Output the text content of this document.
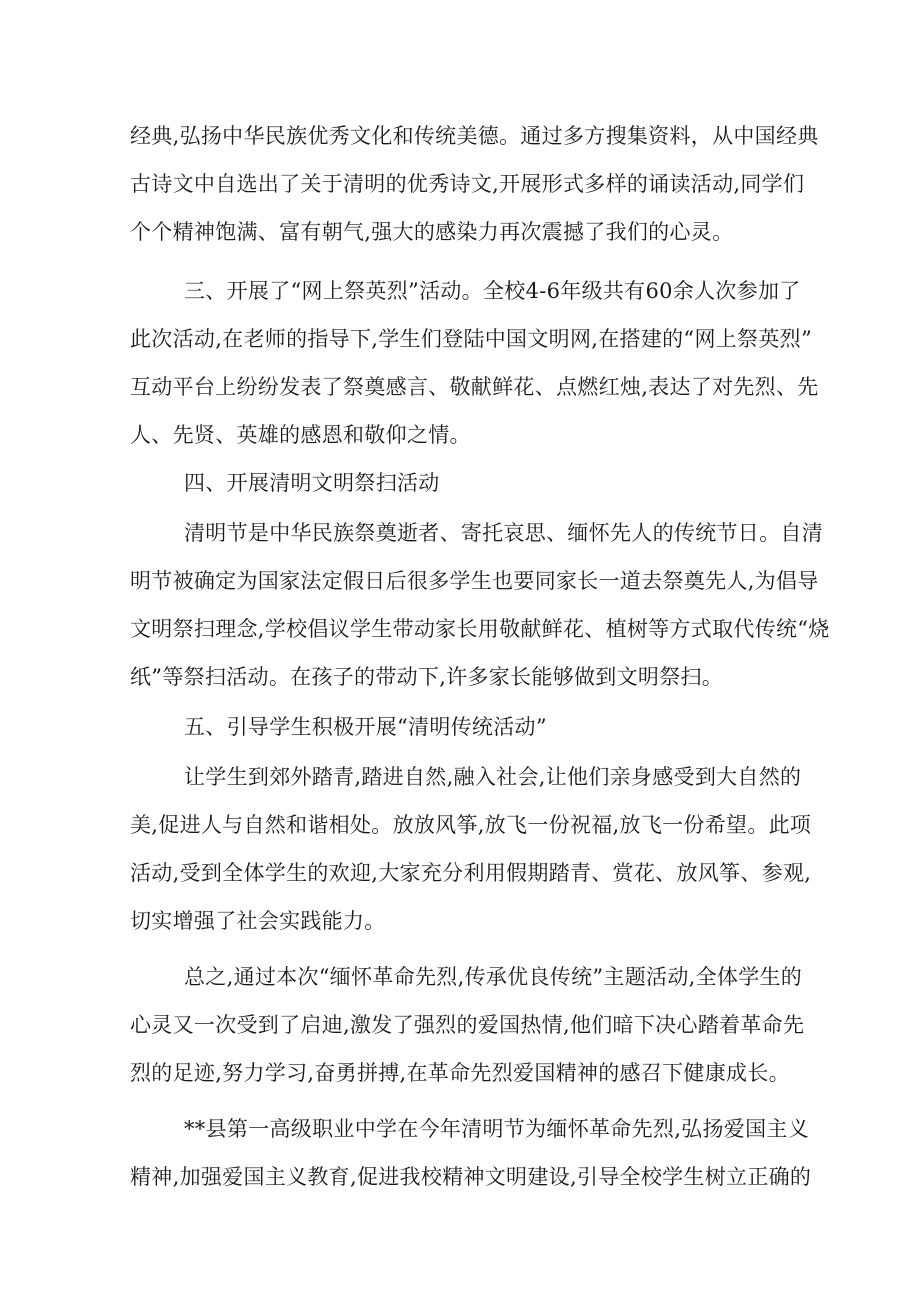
经典,弘扬中华民族优秀文化和传统美德。通过多方搜集资料，从中国经典
古诗文中自选出了关于清明的优秀诗文,开展形式多样的诵读活动,同学们
个个精神饱满、富有朝气,强大的感染力再次震撼了我们的心灵。
三、开展了“网上祭英烈”活动。全校4-6年级共有60余人次参加了
此次活动,在老师的指导下,学生们登陆中国文明网,在搭建的“网上祭英烈”
互动平台上纷纷发表了祭奠感言、敬献鲜花、点燃红烛,表达了对先烈、先
人、先贤、英雄的感恩和敬仰之情。
四、开展清明文明祭扫活动
清明节是中华民族祭奠逝者、寄托哀思、缅怀先人的传统节日。自清
明节被确定为国家法定假日后很多学生也要同家长一道去祭奠先人,为倡导
文明祭扫理念,学校倡议学生带动家长用敬献鲜花、植树等方式取代传统“烧
纸”等祭扫活动。在孩子的带动下,许多家长能够做到文明祭扫。
五、引导学生积极开展“清明传统活动”
让学生到郊外踏青,踏进自然,融入社会,让他们亲身感受到大自然的
美,促进人与自然和谐相处。放放风筝,放飞一份祝福,放飞一份希望。此项
活动,受到全体学生的欢迎,大家充分利用假期踏青、赏花、放风筝、参观,
切实增强了社会实践能力。
总之,通过本次“缅怀革命先烈,传承优良传统”主题活动,全体学生的
心灵又一次受到了启迪,激发了强烈的爱国热情,他们暗下决心踏着革命先
烈的足迹,努力学习,奋勇拼搏,在革命先烈爱国精神的感召下健康成长。
**县第一高级职业中学在今年清明节为缅怀革命先烈,弘扬爱国主义
精神,加强爱国主义教育,促进我校精神文明建设,引导全校学生树立正确的
